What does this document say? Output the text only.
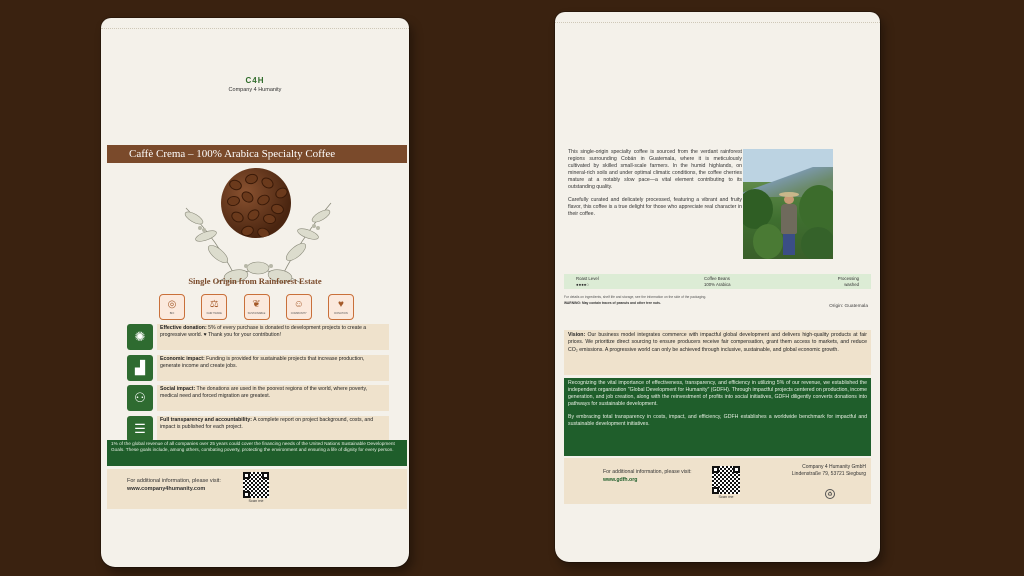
C4H
Company 4 Humanity
Caffè Crema – 100% Arabica Specialty Coffee
Single Origin from Rainforest Estate
◎
BIO
⚖
FAIR TRADE
❦
SUSTAINABLE
☺
COMMUNITY
♥
DONATION
✺
Effective donation: 5% of every purchase is donated to development projects to create a progressive world. ♥ Thank you for your contribution!
▟
Economic impact: Funding is provided for sustainable projects that increase production, generate income and create jobs.
⚇
Social impact: The donations are used in the poorest regions of the world, where poverty, medical need and forced migration are greatest.
☰
Full transparency and accountability: A complete report on project background, costs, and impact is published for each project.
1% of the global revenue of all companies over 25 years could cover the financing needs of the United Nations Sustainable Development Goals. These goals include, among others, combating poverty, protecting the environment and ensuring a life of dignity for every person.
For additional information, please visit:
www.company4humanity.com
Scan me

This single-origin specialty coffee is sourced from the verdant rainforest regions surrounding Cobán in Guatemala, where it is meticulously cultivated by skilled small-scale farmers. In the humid highlands, on mineral-rich soils and under optimal climatic conditions, the coffee cherries mature at a notably slow pace—a vital element contributing to its outstanding quality.

Carefully curated and delicately processed, featuring a vibrant and fruity flavor, this coffee is a true delight for those who appreciate real character in their coffee.

Roast Level
●●●●○
Coffee Beans
100% Arabica
Processing
washed
For details on ingredients, shelf life and storage, see the information on the side of the packaging.
WARNING: May contain traces of peanuts and other tree nuts.
Origin: Guatemala
Vision: Our business model integrates commerce with impactful global development and delivers high-quality products at fair prices. We prioritize direct sourcing to ensure producers receive fair compensation, grant them access to markets, and reduce CO₂ emissions. A progressive world can only be achieved through inclusive, sustainable, and global economic growth.

Recognizing the vital importance of effectiveness, transparency, and efficiency in utilizing 5% of our revenue, we established the independent organization "Global Development for Humanity" (GDFH). Through impactful projects centered on production, income generation, and job creation, along with the reinvestment of profits into social initiatives, GDFH diligently converts donations into pathways for sustainable development.

By embracing total transparency in costs, impact, and efficiency, GDFH establishes a worldwide benchmark for impactful and sustainable development initiatives.

For additional information, please visit:
www.gdfh.org
Scan me
Company 4 Humanity GmbH
Lindenstraße 79, 53721 Siegburg
♻
